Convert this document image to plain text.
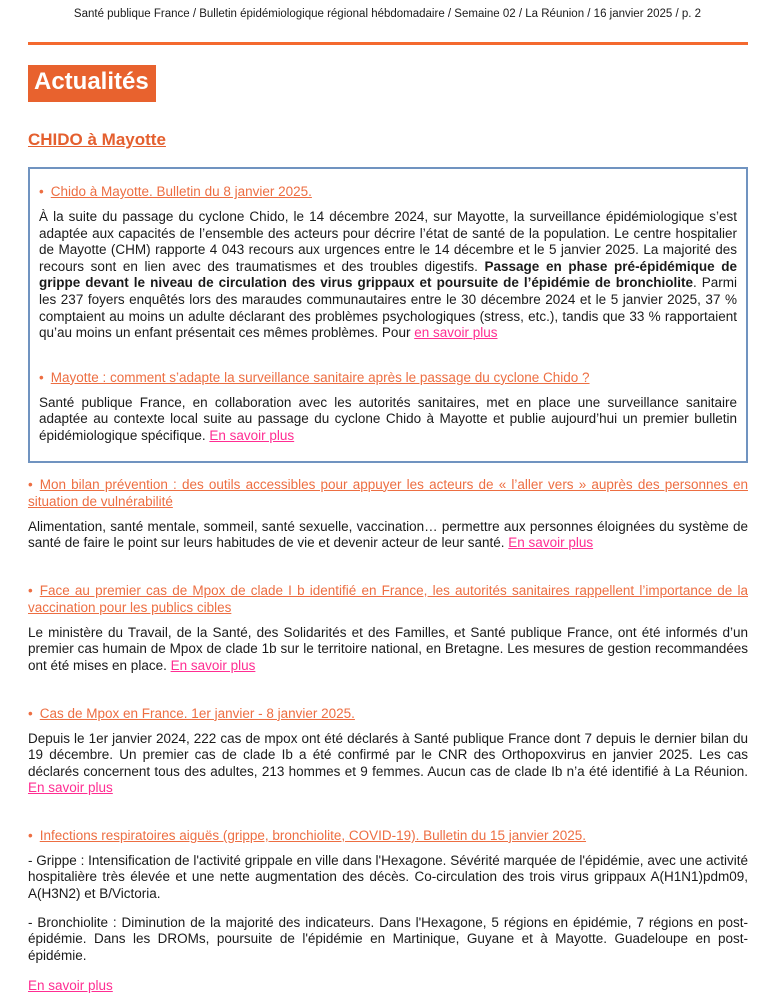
Santé publique France / Bulletin épidémiologique régional hébdomadaire / Semaine 02 / La Réunion / 16 janvier 2025 / p. 2
Actualités
CHIDO à Mayotte

• Chido à Mayotte. Bulletin du 8 janvier 2025.

À la suite du passage du cyclone Chido, le 14 décembre 2024, sur Mayotte, la surveillance épidémiologique s’est adaptée aux capacités de l’ensemble des acteurs pour décrire l’état de santé de la population. Le centre hospitalier de Mayotte (CHM) rapporte 4 043 recours aux urgences entre le 14 décembre et le 5 janvier 2025. La majorité des recours sont en lien avec des traumatismes et des troubles digestifs. Passage en phase pré-épidémique de grippe devant le niveau de circulation des virus grippaux et poursuite de l’épidémie de bronchiolite. Parmi les 237 foyers enquêtés lors des maraudes communautaires entre le 30 décembre 2024 et le 5 janvier 2025, 37 % comptaient au moins un adulte déclarant des problèmes psychologiques (stress, etc.), tandis que 33 % rapportaient qu’au moins un enfant présentait ces mêmes problèmes. Pour en savoir plus

• Mayotte : comment s’adapte la surveillance sanitaire après le passage du cyclone Chido ?

Santé publique France, en collaboration avec les autorités sanitaires, met en place une surveillance sanitaire adaptée au contexte local suite au passage du cyclone Chido à Mayotte et publie aujourd’hui un premier bulletin épidémiologique spécifique. En savoir plus

• Mon bilan prévention : des outils accessibles pour appuyer les acteurs de « l’aller vers » auprès des personnes en situation de vulnérabilité

Alimentation, santé mentale, sommeil, santé sexuelle, vaccination… permettre aux personnes éloignées du système de santé de faire le point sur leurs habitudes de vie et devenir acteur de leur santé. En savoir plus

• Face au premier cas de Mpox de clade I b identifié en France, les autorités sanitaires rappellent l’importance de la vaccination pour les publics cibles

Le ministère du Travail, de la Santé, des Solidarités et des Familles, et Santé publique France, ont été informés d’un premier cas humain de Mpox de clade 1b sur le territoire national, en Bretagne. Les mesures de gestion recommandées ont été mises en place. En savoir plus

• Cas de Mpox en France. 1er janvier - 8 janvier 2025.

Depuis le 1er janvier 2024, 222 cas de mpox ont été déclarés à Santé publique France dont 7 depuis le dernier bilan du 19 décembre. Un premier cas de clade Ib a été confirmé par le CNR des Orthopoxvirus en janvier 2025. Les cas déclarés concernent tous des adultes, 213 hommes et 9 femmes. Aucun cas de clade Ib n’a été identifié à La Réunion. En savoir plus

• Infections respiratoires aiguës (grippe, bronchiolite, COVID-19). Bulletin du 15 janvier 2025.

- Grippe : Intensification de l'activité grippale en ville dans l'Hexagone. Sévérité marquée de l'épidémie, avec une activité hospitalière très élevée et une nette augmentation des décès. Co-circulation des trois virus grippaux A(H1N1)pdm09, A(H3N2) et B/Victoria.

- Bronchiolite : Diminution de la majorité des indicateurs. Dans l'Hexagone, 5 régions en épidémie, 7 régions en post-épidémie. Dans les DROMs, poursuite de l'épidémie en Martinique, Guyane et à Mayotte. Guadeloupe en post-épidémie.

En savoir plus
